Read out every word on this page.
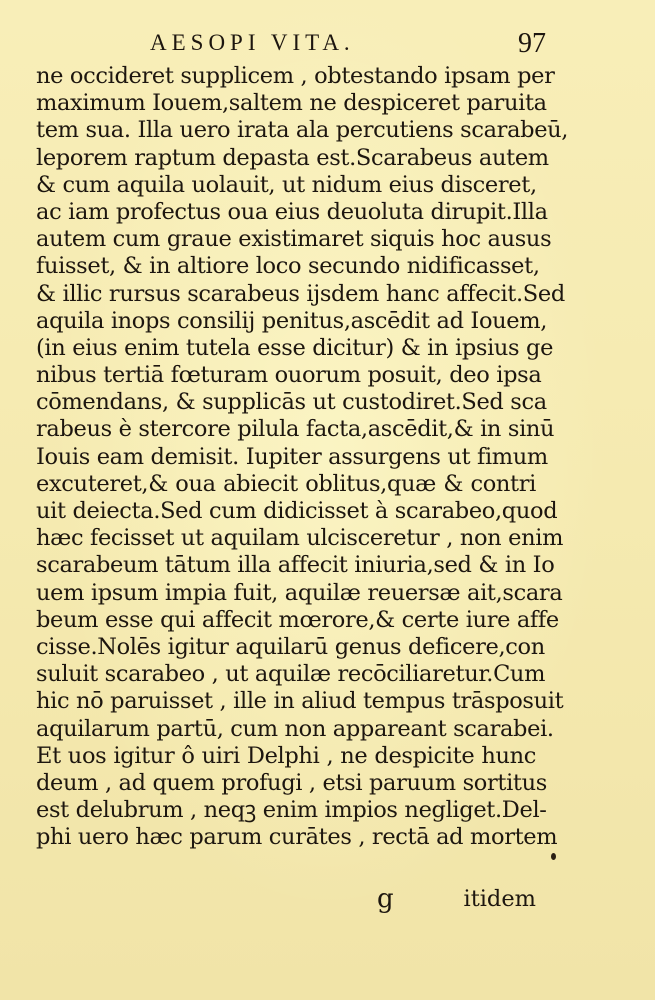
AESOPI VITA.	97
ne occideret supplicem , obtestando ipsam per
maximum Iouem,saltem ne despiceret paruita
tem sua. Illa uero irata ala percutiens scarabeū,
leporem raptum depasta est.Scarabeus autem
& cum aquila uolauit, ut nidum eius disceret,
ac iam profectus oua eius deuoluta dirupit.Illa
autem cum graue existimaret siquis hoc ausus
fuisset, & in altiore loco secundo nidificasset,
& illic rursus scarabeus ijsdem hanc affecit.Sed
aquila inops consilij penitus,ascēdit ad Iouem,
(in eius enim tutela esse dicitur) & in ipsius ge
nibus tertiā fœturam ouorum posuit, deo ipsa
cōmendans, & supplicās ut custodiret.Sed sca
rabeus è stercore pilula facta,ascēdit,& in sinū
Iouis eam demisit. Iupiter assurgens ut fimum
excuteret,& oua abiecit oblitus,quæ & contri
uit deiecta.Sed cum didicisset à scarabeo,quod
hæc fecisset ut aquilam ulcisceretur , non enim
scarabeum tātum illa affecit iniuria,sed & in Io
uem ipsum impia fuit, aquilæ reuersæ ait,scara
beum esse qui affecit mœrore,& certe iure affe
cisse.Nolēs igitur aquilarū genus deficere,con
suluit scarabeo , ut aquilæ recōciliaretur.Cum
hic nō paruisset , ille in aliud tempus trāsposuit
aquilarum partū, cum non appareant scarabei.
Et uos igitur ô uiri Delphi , ne despicite hunc
deum , ad quem profugi , etsi paruum sortitus
est delubrum , neqꝫ enim impios negliget.Del-
phi uero hæc parum curātes , rectā ad mortem
g	itidem
